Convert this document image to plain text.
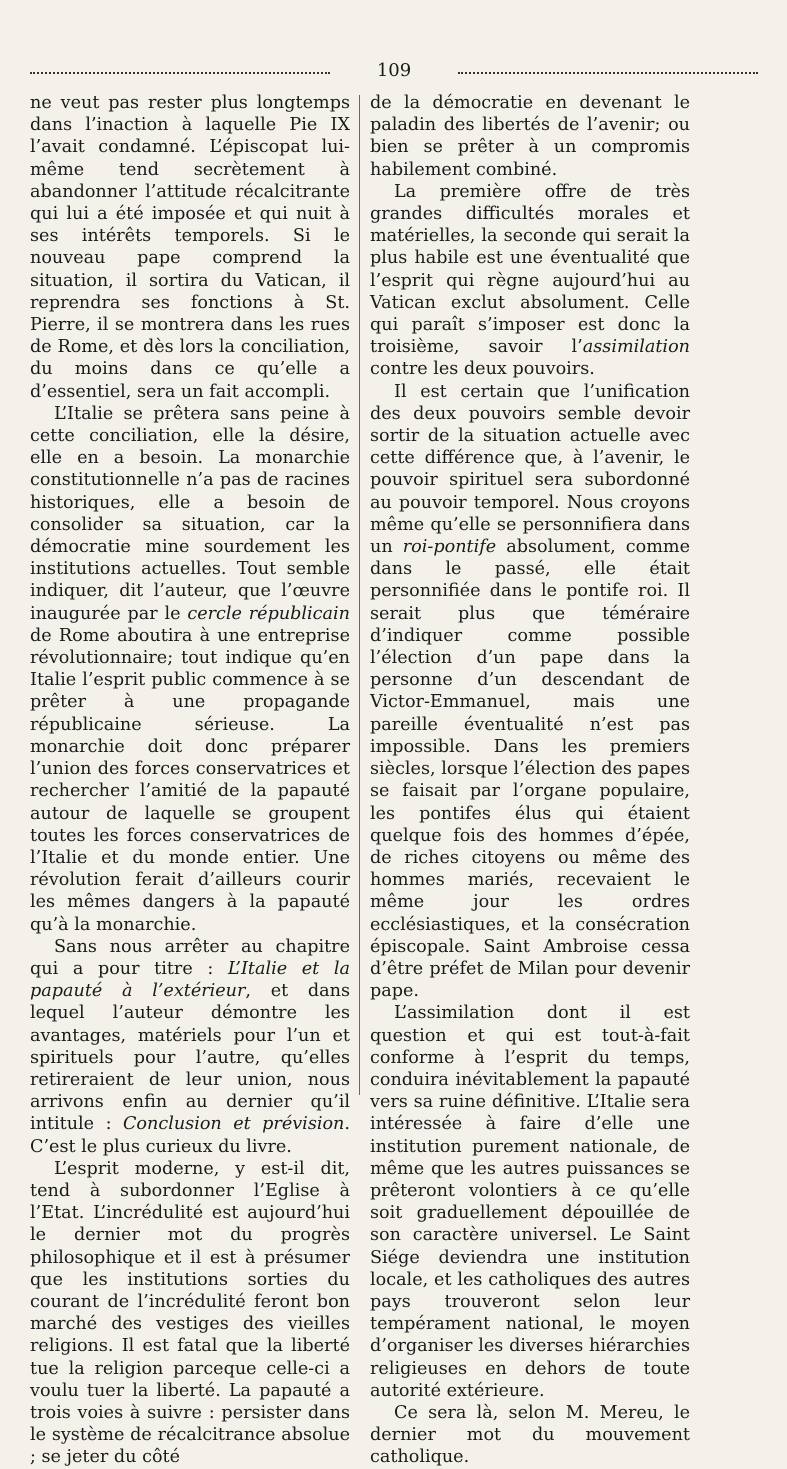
109

ne veut pas rester plus longtemps dans l’inaction à laquelle Pie IX l’avait condamné. L’épiscopat lui-même tend secrètement à abandonner l’attitude récalcitrante qui lui a été imposée et qui nuit à ses intérêts temporels. Si le nouveau pape comprend la situation, il sortira du Vatican, il reprendra ses fonctions à St. Pierre, il se montrera dans les rues de Rome, et dès lors la conciliation, du moins dans ce qu’elle a d’essentiel, sera un fait accompli.

L’Italie se prêtera sans peine à cette conciliation, elle la désire, elle en a besoin. La monarchie constitutionnelle n’a pas de racines historiques, elle a besoin de consolider sa situation, car la démocratie mine sourdement les institutions actuelles. Tout semble indiquer, dit l’auteur, que l’œuvre inaugurée par le cercle républicain de Rome aboutira à une entreprise révolutionnaire; tout indique qu’en Italie l’esprit public commence à se prêter à une propagande républicaine sérieuse. La monarchie doit donc préparer l’union des forces conservatrices et rechercher l’amitié de la papauté autour de laquelle se groupent toutes les forces conservatrices de l’Italie et du monde entier. Une révolution ferait d’ailleurs courir les mêmes dangers à la papauté qu’à la monarchie.

Sans nous arrêter au chapitre qui a pour titre : L’Italie et la papauté à l’extérieur, et dans lequel l’auteur démontre les avantages, matériels pour l’un et spirituels pour l’autre, qu’elles retireraient de leur union, nous arrivons enfin au dernier qu’il intitule : Conclusion et prévision. C’est le plus curieux du livre.

L’esprit moderne, y est-il dit, tend à subordonner l’Eglise à l’Etat. L’incrédulité est aujourd’hui le dernier mot du progrès philosophique et il est à présumer que les institutions sorties du courant de l’incrédulité feront bon marché des vestiges des vieilles religions. Il est fatal que la liberté tue la religion parceque celle-ci a voulu tuer la liberté. La papauté a trois voies à suivre : persister dans le système de récalcitrance absolue ; se jeter du côté

de la démocratie en devenant le paladin des libertés de l’avenir; ou bien se prêter à un compromis habilement combiné.

La première offre de très grandes difficultés morales et matérielles, la seconde qui serait la plus habile est une éventualité que l’esprit qui règne aujourd’hui au Vatican exclut absolument. Celle qui paraît s’imposer est donc la troisième, savoir l’assimilation contre les deux pouvoirs.

Il est certain que l’unification des deux pouvoirs semble devoir sortir de la situation actuelle avec cette différence que, à l’avenir, le pouvoir spirituel sera subordonné au pouvoir temporel. Nous croyons même qu’elle se personnifiera dans un roi-pontife absolument, comme dans le passé, elle était personnifiée dans le pontife roi. Il serait plus que téméraire d’indiquer comme possible l’élection d’un pape dans la personne d’un descendant de Victor-Emmanuel, mais une pareille éventualité n’est pas impossible. Dans les premiers siècles, lorsque l’élection des papes se faisait par l’organe populaire, les pontifes élus qui étaient quelque fois des hommes d’épée, de riches citoyens ou même des hommes mariés, recevaient le même jour les ordres ecclésiastiques, et la consécration épiscopale. Saint Ambroise cessa d’être préfet de Milan pour devenir pape.

L’assimilation dont il est question et qui est tout-à-fait conforme à l’esprit du temps, conduira inévitablement la papauté vers sa ruine définitive. L’Italie sera intéressée à faire d’elle une institution purement nationale, de même que les autres puissances se prêteront volontiers à ce qu’elle soit graduellement dépouillée de son caractère universel. Le Saint Siége deviendra une institution locale, et les catholiques des autres pays trouveront selon leur tempérament national, le moyen d’organiser les diverses hiérarchies religieuses en dehors de toute autorité extérieure.

Ce sera là, selon M. Mereu, le dernier mot du mouvement catholique.
